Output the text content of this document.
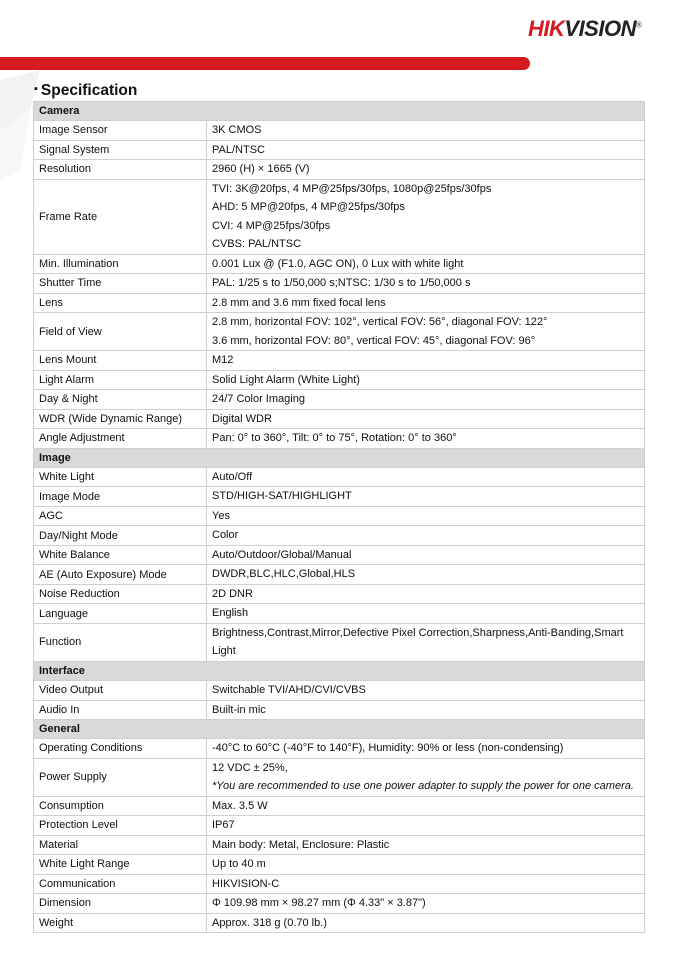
HIKVISION®
▪ Specification
Camera	
Image Sensor	3K CMOS

Signal System	PAL/NTSC

Resolution	2960 (H) × 1665 (V)

Frame Rate	TVI: 3K@20fps, 4 MP@25fps/30fps, 1080p@25fps/30fps
AHD: 5 MP@20fps, 4 MP@25fps/30fps
CVI: 4 MP@25fps/30fps
CVBS: PAL/NTSC

Min. Illumination	0.001 Lux @ (F1.0, AGC ON), 0 Lux with white light

Shutter Time	PAL: 1/25 s to 1/50,000 s;NTSC: 1/30 s to 1/50,000 s

Lens	2.8 mm and 3.6 mm fixed focal lens

Field of View	2.8 mm, horizontal FOV: 102°, vertical FOV: 56°, diagonal FOV: 122°
3.6 mm, horizontal FOV: 80°, vertical FOV: 45°, diagonal FOV: 96°

Lens Mount	M12

Light Alarm	Solid Light Alarm (White Light)

Day & Night	24/7 Color Imaging

WDR (Wide Dynamic Range)	Digital WDR

Angle Adjustment	Pan: 0° to 360°, Tilt: 0° to 75°, Rotation: 0° to 360°

Image	
White Light	Auto/Off

Image Mode	STD/HIGH-SAT/HIGHLIGHT

AGC	Yes

Day/Night Mode	Color

White Balance	Auto/Outdoor/Global/Manual

AE (Auto Exposure) Mode	DWDR,BLC,HLC,Global,HLS

Noise Reduction	2D DNR

Language	English

Function	Brightness,Contrast,Mirror,Defective Pixel Correction,Sharpness,Anti-Banding,Smart
Light

Interface	
Video Output	Switchable TVI/AHD/CVI/CVBS

Audio In	Built-in mic

General	
Operating Conditions	-40°C to 60°C (-40°F to 140°F), Humidity: 90% or less (non-condensing)

Power Supply	12 VDC ± 25%,
*You are recommended to use one power adapter to supply the power for one camera.

Consumption	Max. 3.5 W

Protection Level	IP67

Material	Main body: Metal, Enclosure: Plastic

White Light Range	Up to 40 m

Communication	HIKVISION-C

Dimension	Φ 109.98 mm × 98.27 mm (Φ 4.33" × 3.87")

Weight	Approx. 318 g (0.70 lb.)
